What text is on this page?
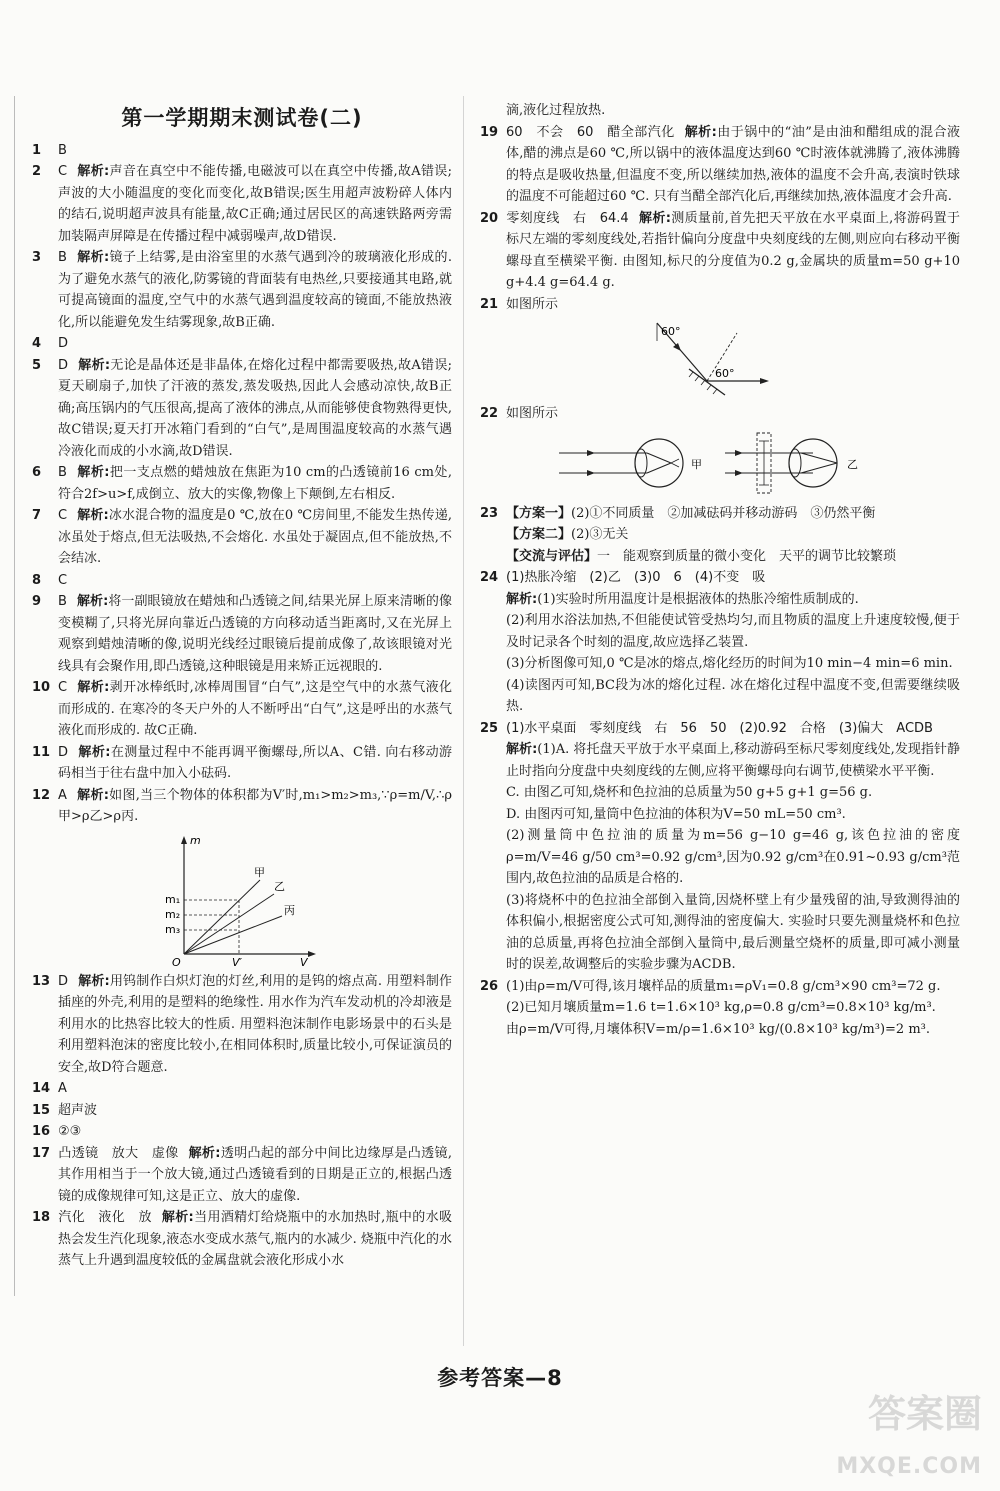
第一学期期末测试卷(二)
1 B
2 C 解析:声音在真空中不能传播,电磁波可以在真空中传播,故A错误;声波的大小随温度的变化而变化,故B错误;医生用超声波粉碎人体内的结石,说明超声波具有能量,故C正确;通过居民区的高速铁路两旁需加装隔声屏障是在传播过程中减弱噪声,故D错误.
3 B 解析:镜子上结雾,是由浴室里的水蒸气遇到冷的玻璃液化形成的. 为了避免水蒸气的液化,防雾镜的背面装有电热丝,只要接通其电路,就可提高镜面的温度,空气中的水蒸气遇到温度较高的镜面,不能放热液化,所以能避免发生结雾现象,故B正确.
4 D
5 D 解析:无论是晶体还是非晶体,在熔化过程中都需要吸热,故A错误;夏天刷扇子,加快了汗液的蒸发,蒸发吸热,因此人会感动凉快,故B正确;高压锅内的气压很高,提高了液体的沸点,从而能够使食物熟得更快,故C错误;夏天打开冰箱门看到的“白气”,是周围温度较高的水蒸气遇冷液化而成的小水滴,故D错误.
6 B 解析:把一支点燃的蜡烛放在焦距为10 cm的凸透镜前16 cm处,符合2f>u>f,成倒立、放大的实像,物像上下颠倒,左右相反.
7 C 解析:冰水混合物的温度是0 ℃,放在0 ℃房间里,不能发生热传递,冰虽处于熔点,但无法吸热,不会熔化. 水虽处于凝固点,但不能放热,不会结冰.
8 C
9 B 解析:将一副眼镜放在蜡烛和凸透镜之间,结果光屏上原来清晰的像变模糊了,只将光屏向靠近凸透镜的方向移动适当距离时,又在光屏上观察到蜡烛清晰的像,说明光线经过眼镜后提前成像了,故该眼镜对光线具有会聚作用,即凸透镜,这种眼镜是用来矫正远视眼的.
10 C 解析:剥开冰棒纸时,冰棒周围冒“白气”,这是空气中的水蒸气液化而形成的. 在寒冷的冬天户外的人不断呼出“白气”,这是呼出的水蒸气液化而形成的. 故C正确.
11 D 解析:在测量过程中不能再调平衡螺母,所以A、C错. 向右移动游码相当于往右盘中加入小砝码.
12 A 解析:如图,当三个物体的体积都为V′时,m₁>m₂>m₃,∵ρ=m/V,∴ρ甲>ρ乙>ρ丙.
m
V
O	V′
m₁
m₂
m₃
甲
乙
丙
13 D 解析:用钨制作白炽灯泡的灯丝,利用的是钨的熔点高. 用塑料制作插座的外壳,利用的是塑料的绝缘性. 用水作为汽车发动机的冷却液是利用水的比热容比较大的性质. 用塑料泡沫制作电影场景中的石头是利用塑料泡沫的密度比较小,在相同体积时,质量比较小,可保证演员的安全,故D符合题意.
14 A
15 超声波
16 ②③
17 凸透镜　放大　虚像 解析:透明凸起的部分中间比边缘厚是凸透镜,其作用相当于一个放大镜,通过凸透镜看到的日期是正立的,根据凸透镜的成像规律可知,这是正立、放大的虚像.
18 汽化　液化　放 解析:当用酒精灯给烧瓶中的水加热时,瓶中的水吸热会发生汽化现象,液态水变成水蒸气,瓶内的水减少. 烧瓶中汽化的水蒸气上升遇到温度较低的金属盘就会液化形成小水
滴,液化过程放热.
19 60　不会　60　醋全部汽化 解析:由于锅中的“油”是由油和醋组成的混合液体,醋的沸点是60 ℃,所以锅中的液体温度达到60 ℃时液体就沸腾了,液体沸腾的特点是吸收热量,但温度不变,所以继续加热,液体的温度不会升高,表演时铁球的温度不可能超过60 ℃. 只有当醋全部汽化后,再继续加热,液体温度才会升高.
20 零刻度线　右　64.4 解析:测质量前,首先把天平放在水平桌面上,将游码置于标尺左端的零刻度线处,若指针偏向分度盘中央刻度线的左侧,则应向右移动平衡螺母直至横梁平衡. 由图知,标尺的分度值为0.2 g,金属块的质量m=50 g+10 g+4.4 g=64.4 g.
21 如图所示
60°
60°
22 如图所示
甲	乙
23 【方案一】(2)①不同质量　②加减砝码并移动游码　③仍然平衡
【方案二】(2)③无关
【交流与评估】一　能观察到质量的微小变化　天平的调节比较繁琐
24 (1)热胀冷缩　(2)乙　(3)0　6　(4)不变　吸
解析:(1)实验时所用温度计是根据液体的热胀冷缩性质制成的.
(2)利用水浴法加热,不但能使试管受热均匀,而且物质的温度上升速度较慢,便于及时记录各个时刻的温度,故应选择乙装置.
(3)分析图像可知,0 ℃是冰的熔点,熔化经历的时间为10 min−4 min=6 min.
(4)读图丙可知,BC段为冰的熔化过程. 冰在熔化过程中温度不变,但需要继续吸热.
25 (1)水平桌面　零刻度线　右　56　50　(2)0.92　合格　(3)偏大　ACDB
解析:(1)A. 将托盘天平放于水平桌面上,移动游码至标尺零刻度线处,发现指针静止时指向分度盘中央刻度线的左侧,应将平衡螺母向右调节,使横梁水平平衡.
C. 由图乙可知,烧杯和色拉油的总质量为50 g+5 g+1 g=56 g.
D. 由图丙可知,量筒中色拉油的体积为V=50 mL=50 cm³.
(2)测量筒中色拉油的质量为m=56 g−10 g=46 g,该色拉油的密度ρ=m/V=46 g/50 cm³=0.92 g/cm³,因为0.92 g/cm³在0.91~0.93 g/cm³范围内,故色拉油的品质是合格的.
(3)将烧杯中的色拉油全部倒入量筒,因烧杯壁上有少量残留的油,导致测得油的体积偏小,根据密度公式可知,测得油的密度偏大. 实验时只要先测量烧杯和色拉油的总质量,再将色拉油全部倒入量筒中,最后测量空烧杯的质量,即可减小测量时的误差,故调整后的实验步骤为ACDB.
26 (1)由ρ=m/V可得,该月壤样品的质量m₁=ρV₁=0.8 g/cm³×90 cm³=72 g.
(2)已知月壤质量m=1.6 t=1.6×10³ kg,ρ=0.8 g/cm³=0.8×10³ kg/m³.
由ρ=m/V可得,月壤体积V=m/ρ=1.6×10³ kg/(0.8×10³ kg/m³)=2 m³.
参考答案—8
答案圈
MXQE.COM
